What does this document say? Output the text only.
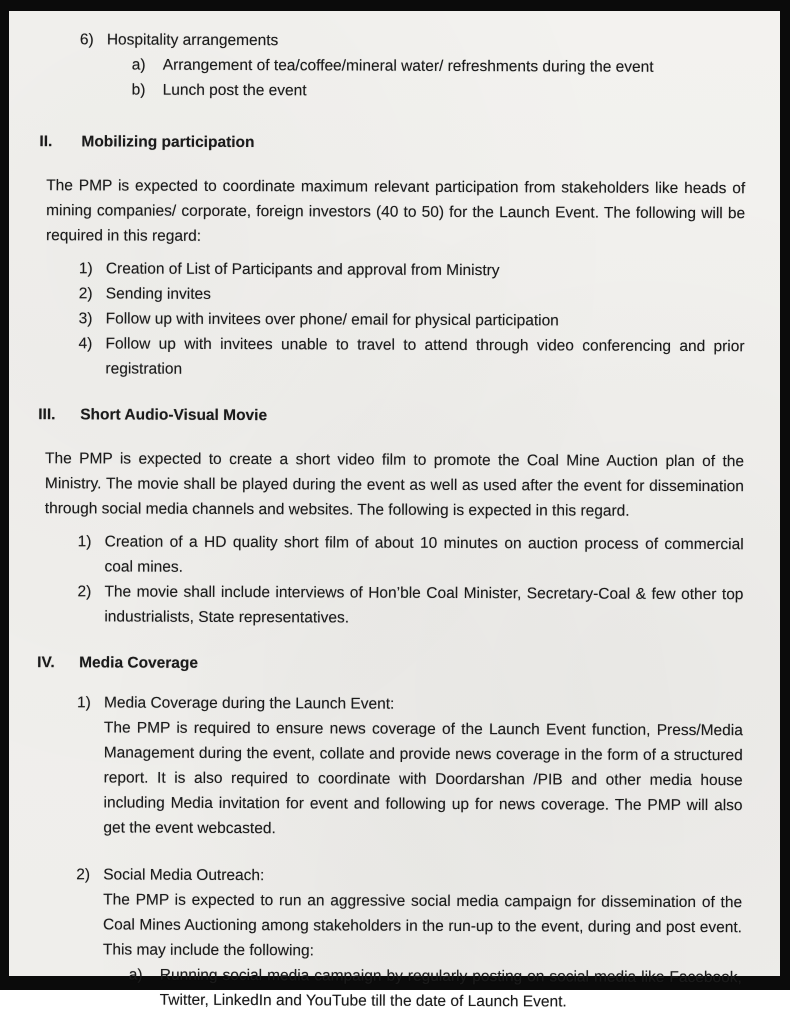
6) Hospitality arrangements
a)	Arrangement of tea/coffee/mineral water/ refreshments during the event
b)	Lunch post the event
II.	Mobilizing participation
The PMP is expected to coordinate maximum relevant participation from stakeholders like heads of mining companies/ corporate, foreign investors (40 to 50) for the Launch Event. The following will be required in this regard:
1) Creation of List of Participants and approval from Ministry
2) Sending invites
3) Follow up with invitees over phone/ email for physical participation
4) Follow up with invitees unable to travel to attend through video conferencing and prior registration
III.	Short Audio-Visual Movie
The PMP is expected to create a short video film to promote the Coal Mine Auction plan of the Ministry. The movie shall be played during the event as well as used after the event for dissemination through social media channels and websites. The following is expected in this regard.
1) Creation of a HD quality short film of about 10 minutes on auction process of commercial coal mines.
2) The movie shall include interviews of Hon’ble Coal Minister, Secretary-Coal & few other top industrialists, State representatives.
IV.	Media Coverage
1) Media Coverage during the Launch Event:
The PMP is required to ensure news coverage of the Launch Event function, Press/Media Management during the event, collate and provide news coverage in the form of a structured report. It is also required to coordinate with Doordarshan /PIB and other media house including Media invitation for event and following up for news coverage. The PMP will also get the event webcasted.
2) Social Media Outreach:
The PMP is expected to run an aggressive social media campaign for dissemination of the Coal Mines Auctioning among stakeholders in the run-up to the event, during and post event. This may include the following:
a)	Running social media campaign by regularly posting on social media like Facebook, Twitter, LinkedIn and YouTube till the date of Launch Event.
